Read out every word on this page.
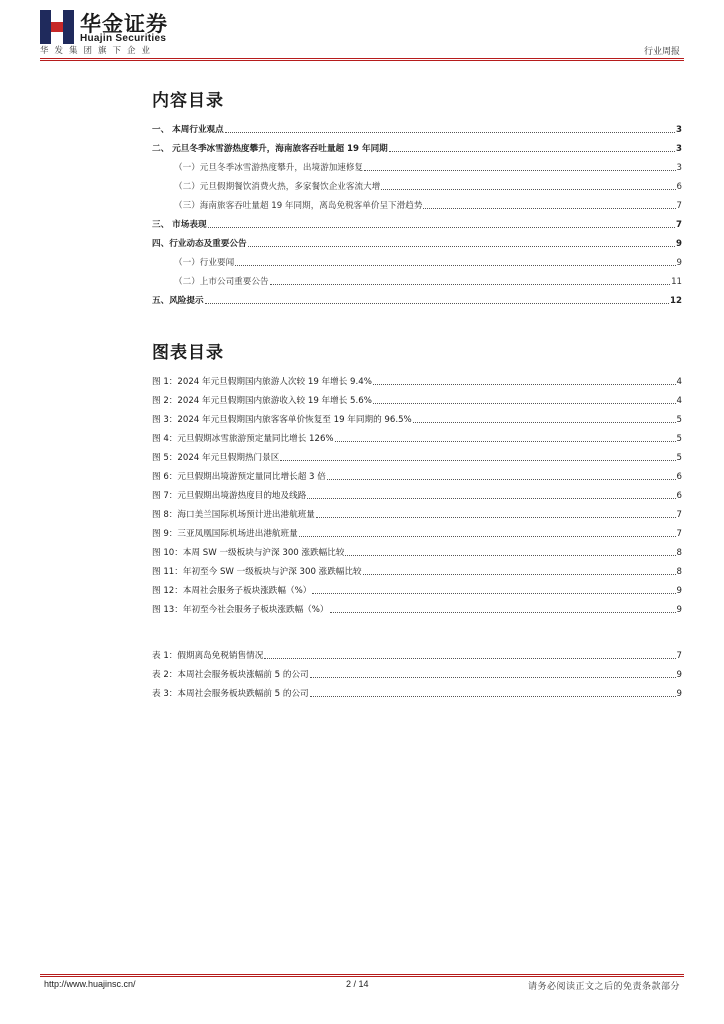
华金证券
Huajin Securities
华发集团旗下企业	行业周报
内容目录
一、 本周行业观点	3
二、 元旦冬季冰雪游热度攀升，海南旅客吞吐量超 19 年同期	3
（一）元旦冬季冰雪游热度攀升，出境游加速修复	3
（二）元旦假期餐饮消费火热，多家餐饮企业客流大增	6
（三）海南旅客吞吐量超 19 年同期，离岛免税客单价呈下滑趋势	7
三、 市场表现	7
四、行业动态及重要公告	9
（一）行业要闻	9
（二）上市公司重要公告	11
五、风险提示	12
图表目录
图 1：2024 年元旦假期国内旅游人次较 19 年增长 9.4%	4
图 2：2024 年元旦假期国内旅游收入较 19 年增长 5.6%	4
图 3：2024 年元旦假期国内旅客客单价恢复至 19 年同期的 96.5%	5
图 4：元旦假期冰雪旅游预定量同比增长 126%	5
图 5：2024 年元旦假期热门景区	5
图 6：元旦假期出境游预定量同比增长超 3 倍	6
图 7：元旦假期出境游热度目的地及线路	6
图 8：海口美兰国际机场预计进出港航班量	7
图 9：三亚凤凰国际机场进出港航班量	7
图 10：本周 SW 一级板块与沪深 300 涨跌幅比较	8
图 11：年初至今 SW 一级板块与沪深 300 涨跌幅比较	8
图 12：本周社会服务子板块涨跌幅（%）	9
图 13：年初至今社会服务子板块涨跌幅（%）	9
表 1：假期离岛免税销售情况	7
表 2：本周社会服务板块涨幅前 5 的公司	9
表 3：本周社会服务板块跌幅前 5 的公司	9
http://www.huajinsc.cn/	2 / 14	请务必阅读正文之后的免责条款部分
